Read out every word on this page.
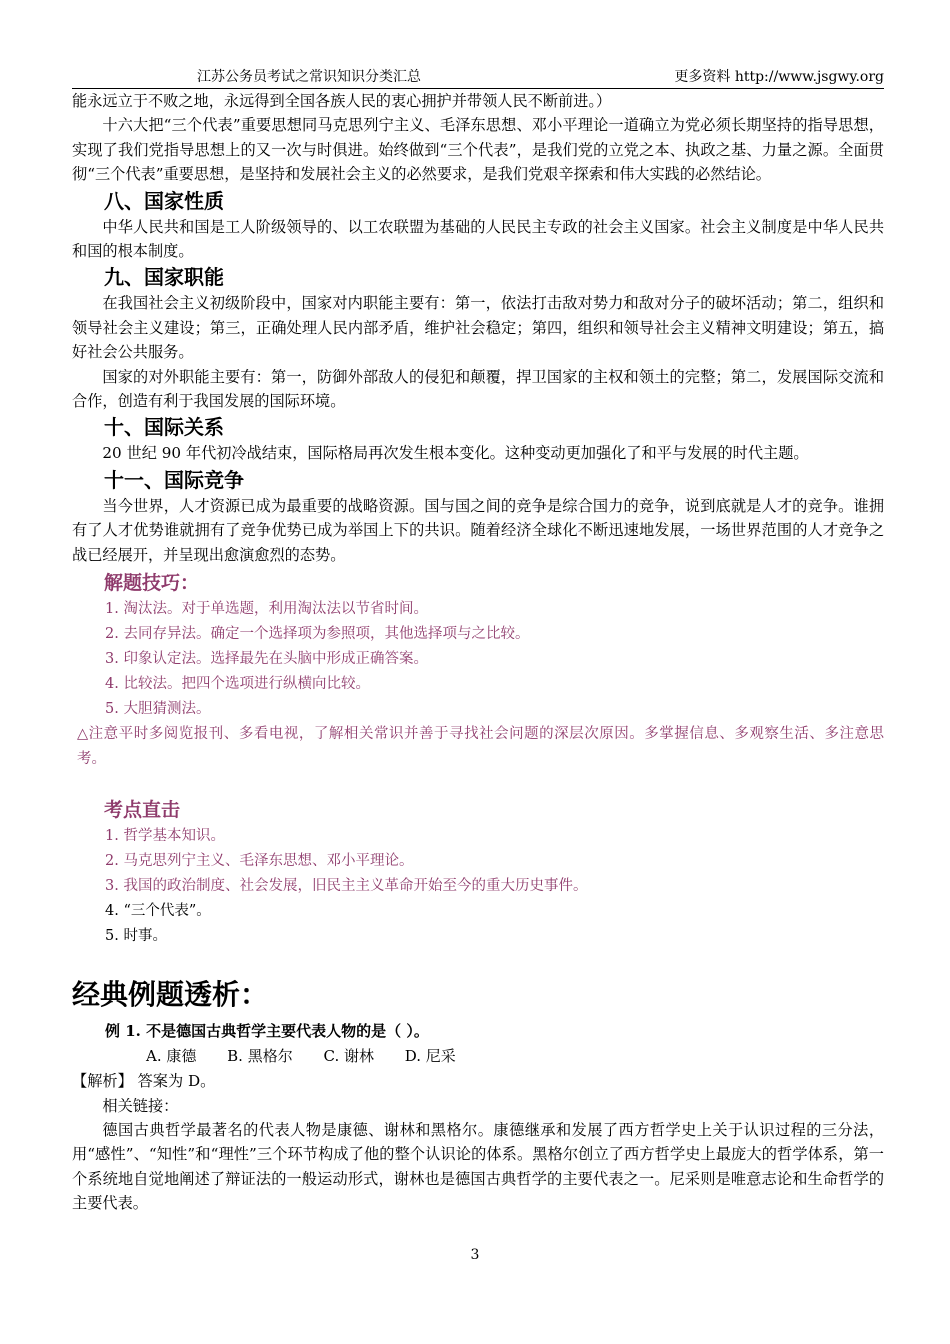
江苏公务员考试之常识知识分类汇总	更多资料 http://www.jsgwy.org

能永远立于不败之地，永远得到全国各族人民的衷心拥护并带领人民不断前进。）

十六大把“三个代表”重要思想同马克思列宁主义、毛泽东思想、邓小平理论一道确立为党必须长期坚持的指导思想，实现了我们党指导思想上的又一次与时俱进。始终做到“三个代表”，是我们党的立党之本、执政之基、力量之源。全面贯彻“三个代表”重要思想，是坚持和发展社会主义的必然要求，是我们党艰辛探索和伟大实践的必然结论。

八、国家性质

中华人民共和国是工人阶级领导的、以工农联盟为基础的人民民主专政的社会主义国家。社会主义制度是中华人民共和国的根本制度。

九、国家职能

在我国社会主义初级阶段中，国家对内职能主要有：第一，依法打击敌对势力和敌对分子的破坏活动；第二，组织和领导社会主义建设；第三，正确处理人民内部矛盾，维护社会稳定；第四，组织和领导社会主义精神文明建设；第五，搞好社会公共服务。

国家的对外职能主要有：第一，防御外部敌人的侵犯和颠覆，捍卫国家的主权和领土的完整；第二，发展国际交流和合作，创造有利于我国发展的国际环境。

十、国际关系

20 世纪 90 年代初冷战结束，国际格局再次发生根本变化。这种变动更加强化了和平与发展的时代主题。

十一、国际竞争

当今世界，人才资源已成为最重要的战略资源。国与国之间的竞争是综合国力的竞争，说到底就是人才的竞争。谁拥有了人才优势谁就拥有了竞争优势已成为举国上下的共识。随着经济全球化不断迅速地发展，一场世界范围的人才竞争之战已经展开，并呈现出愈演愈烈的态势。

解题技巧：
1. 淘汰法。对于单选题，利用淘汰法以节省时间。
2. 去同存异法。确定一个选择项为参照项，其他选择项与之比较。
3. 印象认定法。选择最先在头脑中形成正确答案。
4. 比较法。把四个选项进行纵横向比较。
5. 大胆猜测法。

△注意平时多阅览报刊、多看电视，了解相关常识并善于寻找社会问题的深层次原因。多掌握信息、多观察生活、多注意思考。

考点直击
1. 哲学基本知识。
2. 马克思列宁主义、毛泽东思想、邓小平理论。
3. 我国的政治制度、社会发展，旧民主主义革命开始至今的重大历史事件。
4. “三个代表”。
5. 时事。
经典例题透析：
例 1. 不是德国古典哲学主要代表人物的是（ ）。
A. 康德 B. 黑格尔 C. 谢林 D. 尼采

【解析】 答案为 D。

相关链接：

德国古典哲学最著名的代表人物是康德、谢林和黑格尔。康德继承和发展了西方哲学史上关于认识过程的三分法，用“感性”、“知性”和“理性”三个环节构成了他的整个认识论的体系。黑格尔创立了西方哲学史上最庞大的哲学体系，第一个系统地自觉地阐述了辩证法的一般运动形式，谢林也是德国古典哲学的主要代表之一。尼采则是唯意志论和生命哲学的主要代表。

3
